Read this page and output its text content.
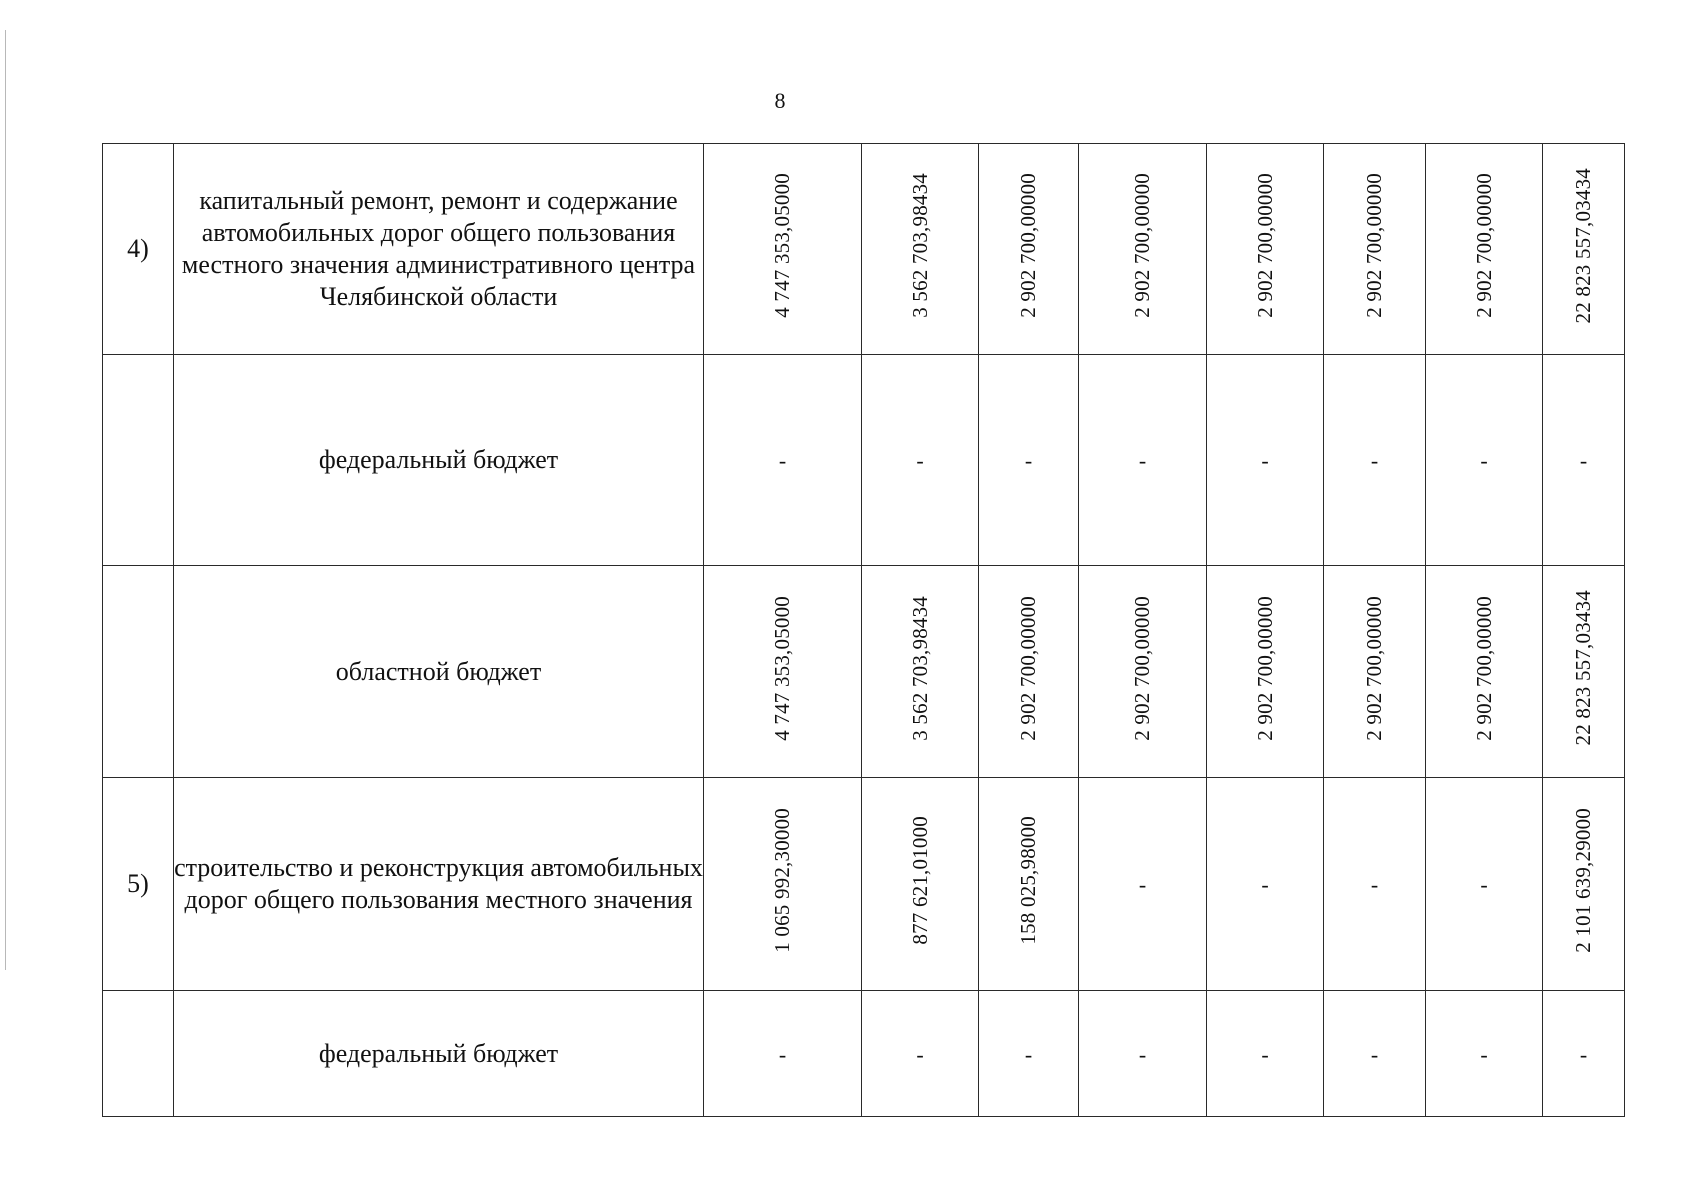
8
4)	капитальный ремонт, ремонт и содержание автомобильных дорог общего пользования местного значения административного центра Челябинской области	4 747 353,05000	3 562 703,98434	2 902 700,00000	2 902 700,00000	2 902 700,00000	2 902 700,00000	2 902 700,00000	22 823 557,03434
	федеральный бюджет	-	-	-	-	-	-	-	-
	областной бюджет	4 747 353,05000	3 562 703,98434	2 902 700,00000	2 902 700,00000	2 902 700,00000	2 902 700,00000	2 902 700,00000	22 823 557,03434
5)	строительство и реконструкция автомобильных дорог общего пользования местного значения	1 065 992,30000	877 621,01000	158 025,98000	-	-	-	-	2 101 639,29000
	федеральный бюджет	-	-	-	-	-	-	-	-
